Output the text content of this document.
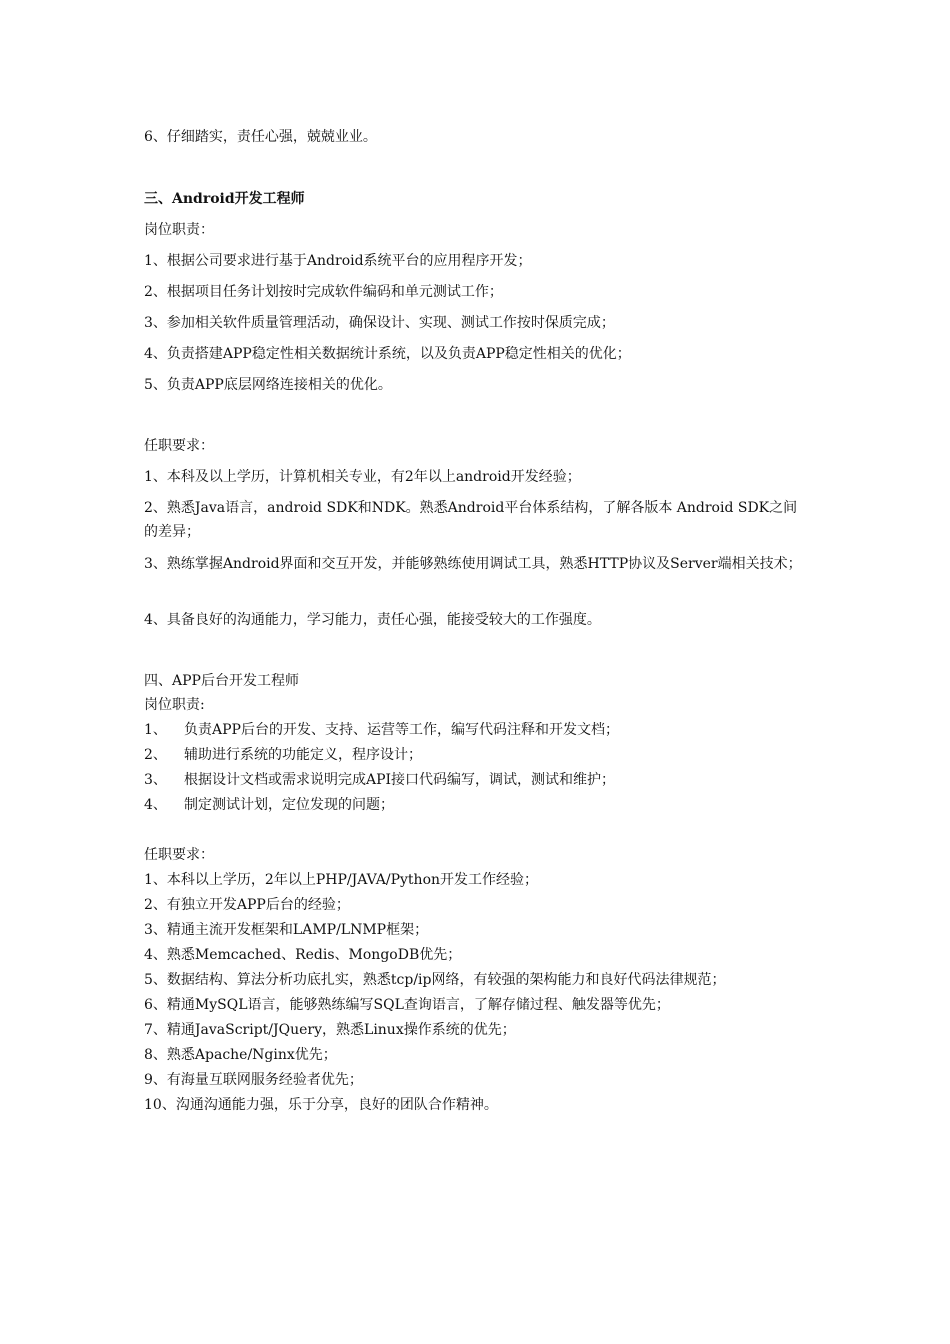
6、仔细踏实，责任心强，兢兢业业。
三、Android开发工程师
岗位职责：
1、根据公司要求进行基于Android系统平台的应用程序开发；
2、根据项目任务计划按时完成软件编码和单元测试工作；
3、参加相关软件质量管理活动，确保设计、实现、测试工作按时保质完成；
4、负责搭建APP稳定性相关数据统计系统，以及负责APP稳定性相关的优化；
5、负责APP底层网络连接相关的优化。
任职要求：
1、本科及以上学历，计算机相关专业，有2年以上android开发经验；
2、熟悉Java语言，android SDK和NDK。熟悉Android平台体系结构，了解各版本 Android SDK之间的差异；
3、熟练掌握Android界面和交互开发，并能够熟练使用调试工具，熟悉HTTP协议及Server端相关技术；
4、具备良好的沟通能力，学习能力，责任心强，能接受较大的工作强度。
四、APP后台开发工程师
岗位职责:
1、 负责APP后台的开发、支持、运营等工作，编写代码注释和开发文档；
2、 辅助进行系统的功能定义，程序设计；
3、 根据设计文档或需求说明完成API接口代码编写，调试，测试和维护；
4、 制定测试计划，定位发现的问题；
任职要求：
1、本科以上学历，2年以上PHP/JAVA/Python开发工作经验；
2、有独立开发APP后台的经验；
3、精通主流开发框架和LAMP/LNMP框架；
4、熟悉Memcached、Redis、MongoDB优先；
5、数据结构、算法分析功底扎实，熟悉tcp/ip网络，有较强的架构能力和良好代码法律规范；
6、精通MySQL语言，能够熟练编写SQL查询语言，了解存储过程、触发器等优先；
7、精通JavaScript/JQuery，熟悉Linux操作系统的优先；
8、熟悉Apache/Nginx优先；
9、有海量互联网服务经验者优先；
10、沟通沟通能力强，乐于分享，良好的团队合作精神。
